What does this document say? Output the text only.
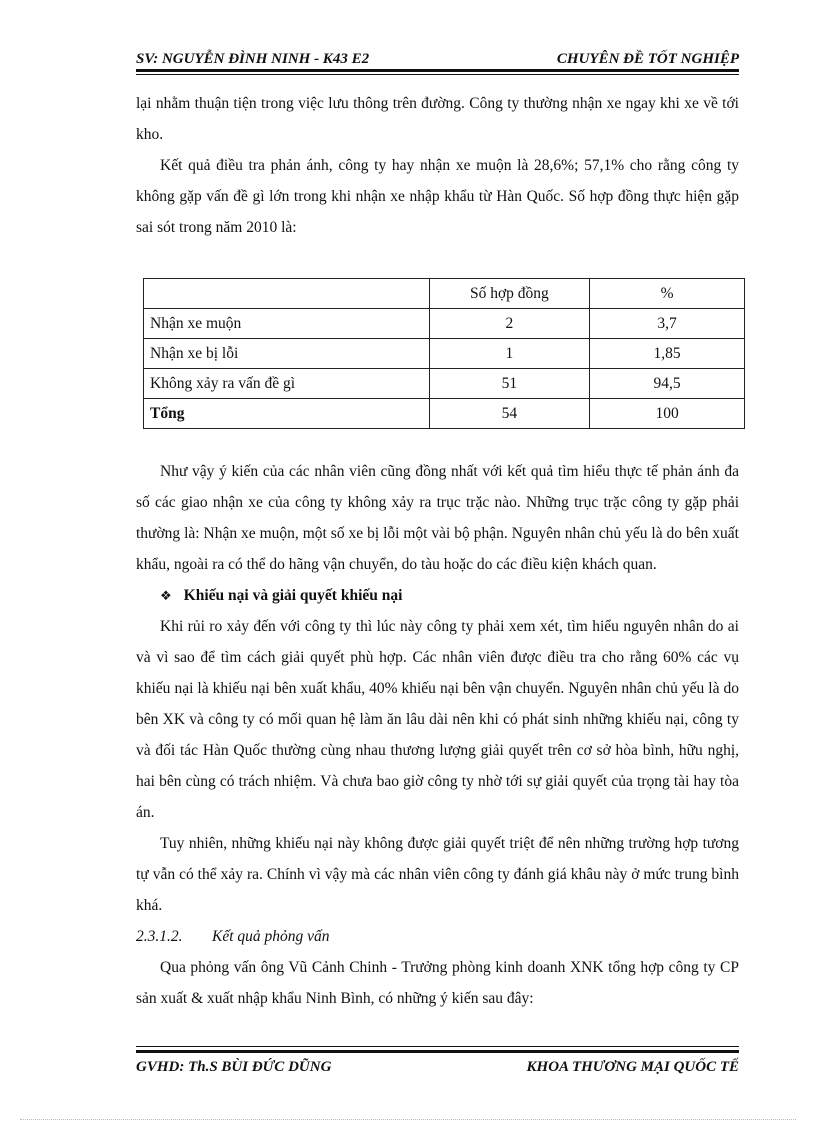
SV: NGUYỄN ĐÌNH NINH - K43 E2	CHUYÊN ĐỀ TỐT NGHIỆP

lại nhằm thuận tiện trong việc lưu thông trên đường. Công ty thường nhận xe ngay khi xe về tới kho.

Kết quả điều tra phản ánh, công ty hay nhận xe muộn là 28,6%; 57,1% cho rằng công ty không gặp vấn đề gì lớn trong khi nhận xe nhập khẩu từ Hàn Quốc. Số hợp đồng thực hiện gặp sai sót trong năm 2010 là:

	Số hợp đồng	%
Nhận xe muộn	2	3,7
Nhận xe bị lỗi	1	1,85
Không xảy ra vấn đề gì	51	94,5
Tổng	54	100

Như vậy ý kiến của các nhân viên cũng đồng nhất với kết quả tìm hiểu thực tế phản ánh đa số các giao nhận xe của công ty không xảy ra trục trặc nào. Những trục trặc công ty gặp phải thường là: Nhận xe muộn, một số xe bị lỗi một vài bộ phận. Nguyên nhân chủ yếu là do bên xuất khẩu, ngoài ra có thể do hãng vận chuyển, do tàu hoặc do các điều kiện khách quan.

❖ Khiếu nại và giải quyết khiếu nại

Khi rủi ro xảy đến với công ty thì lúc này công ty phải xem xét, tìm hiểu nguyên nhân do ai và vì sao để tìm cách giải quyết phù hợp. Các nhân viên được điều tra cho rằng 60% các vụ khiếu nại là khiếu nại bên xuất khẩu, 40% khiếu nại bên vận chuyển. Nguyên nhân chủ yếu là do bên XK và công ty có mối quan hệ làm ăn lâu dài nên khi có phát sinh những khiếu nại, công ty và đối tác Hàn Quốc thường cùng nhau thương lượng giải quyết trên cơ sở hòa bình, hữu nghị, hai bên cùng có trách nhiệm. Và chưa bao giờ công ty nhờ tới sự giải quyết của trọng tài hay tòa án.

Tuy nhiên, những khiếu nại này không được giải quyết triệt để nên những trường hợp tương tự vẫn có thể xảy ra. Chính vì vậy mà các nhân viên công ty đánh giá khâu này ở mức trung bình khá.

2.3.1.2. Kết quả phỏng vấn

Qua phỏng vấn ông Vũ Cảnh Chinh - Trưởng phòng kinh doanh XNK tổng hợp công ty CP sản xuất & xuất nhập khẩu Ninh Bình, có những ý kiến sau đây:

GVHD: Th.S BÙI ĐỨC DŨNG	KHOA THƯƠNG MẠI QUỐC TẾ
